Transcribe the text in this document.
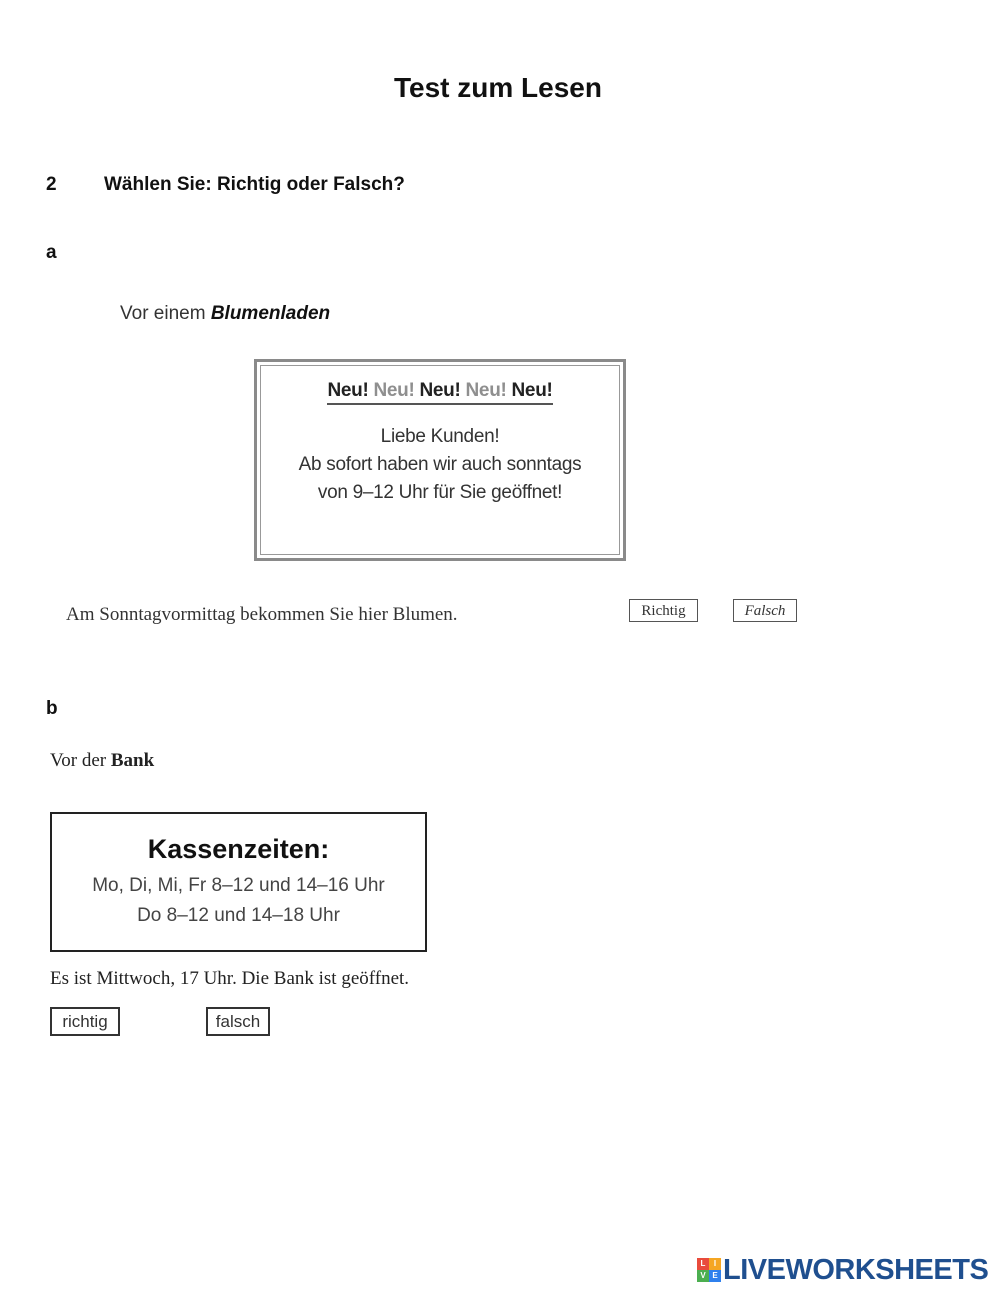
Test zum Lesen
2 Wählen Sie: Richtig oder Falsch?
a
Vor einem Blumenladen
Neu! Neu! Neu! Neu! Neu!
Liebe Kunden!
Ab sofort haben wir auch sonntags
von 9–12 Uhr für Sie geöffnet!
Am Sonntagvormittag bekommen Sie hier Blumen.	Richtig	Falsch
b
Vor der Bank
Kassenzeiten:
Mo, Di, Mi, Fr 8–12 und 14–16 Uhr
Do 8–12 und 14–18 Uhr
Es ist Mittwoch, 17 Uhr. Die Bank ist geöffnet.
richtig	falsch
L	I
V E LIVEWORKSHEETS
